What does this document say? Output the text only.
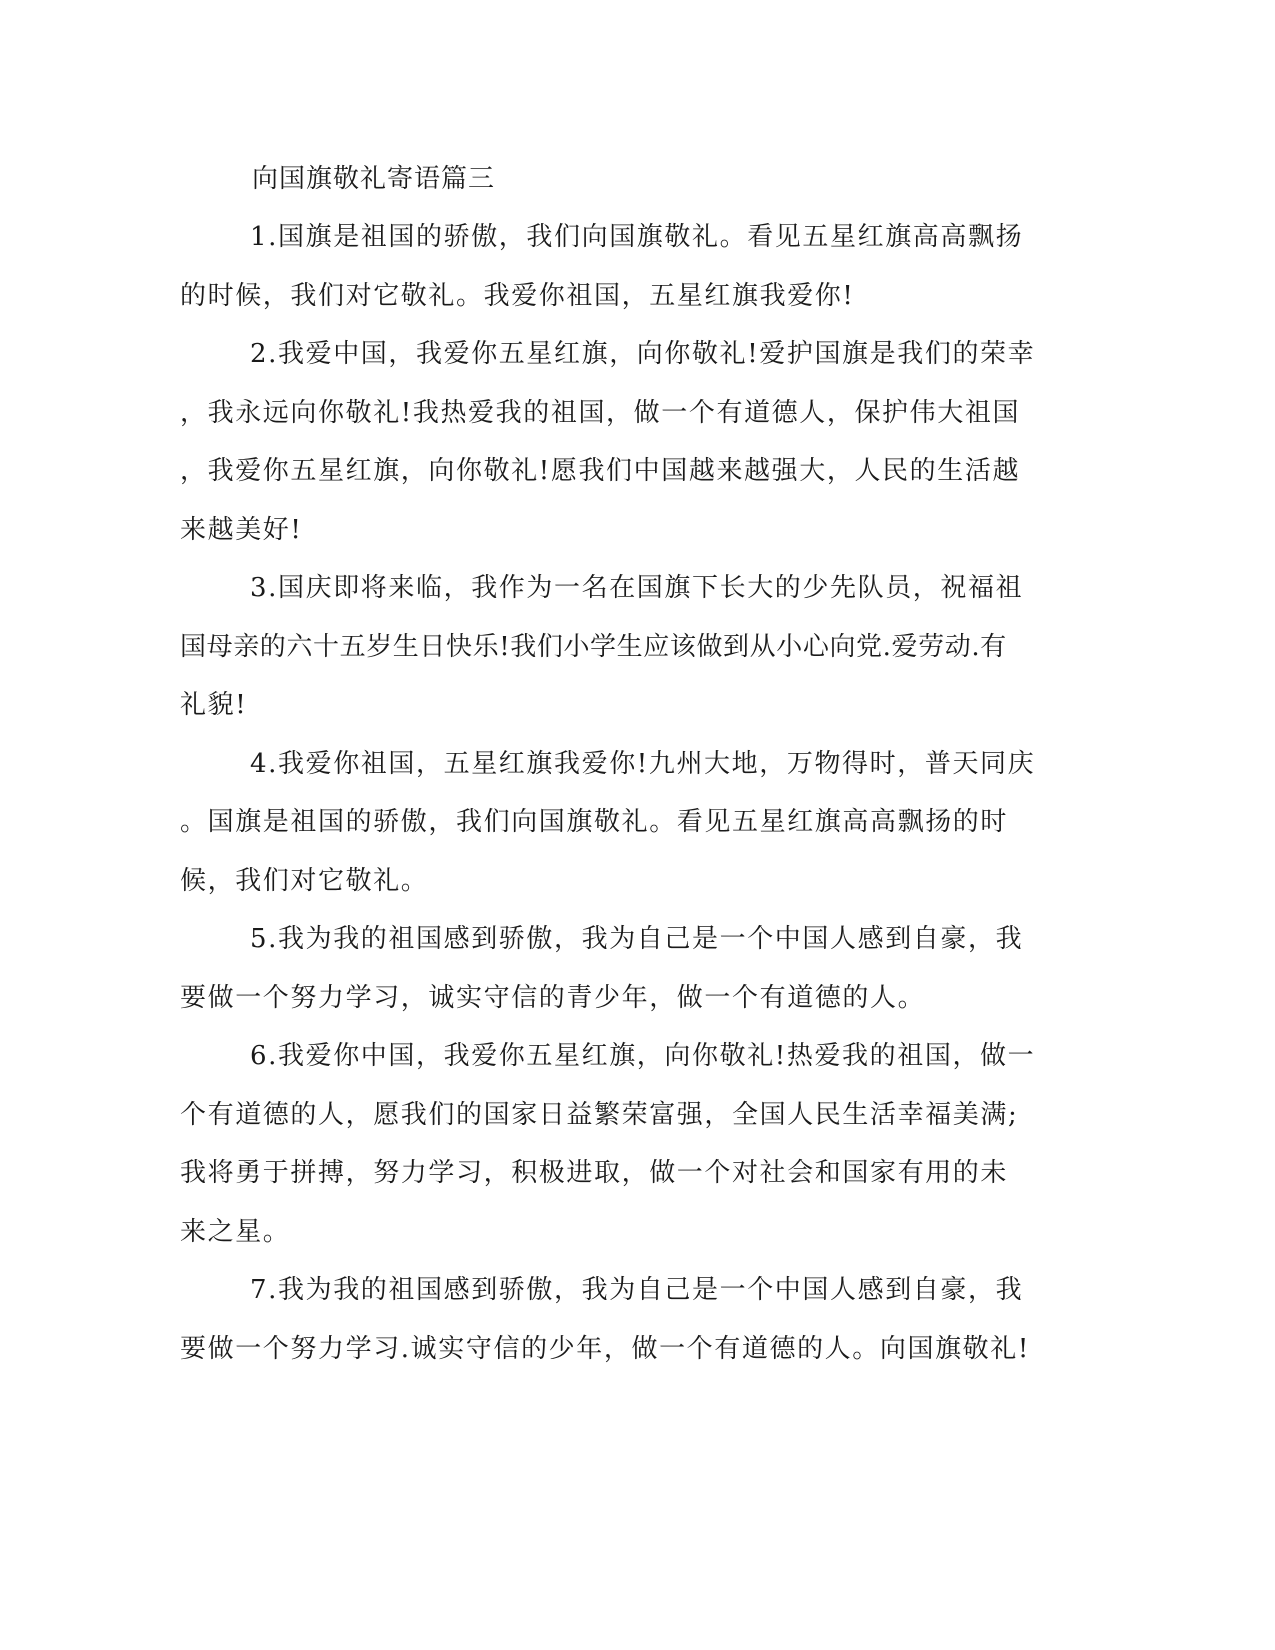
向国旗敬礼寄语篇三

1.国旗是祖国的骄傲，我们向国旗敬礼。看见五星红旗高高飘扬
的时候，我们对它敬礼。我爱你祖国，五星红旗我爱你!
2.我爱中国，我爱你五星红旗，向你敬礼!爱护国旗是我们的荣幸
，我永远向你敬礼!我热爱我的祖国，做一个有道德人，保护伟大祖国
，我爱你五星红旗，向你敬礼!愿我们中国越来越强大，人民的生活越
来越美好!
3.国庆即将来临，我作为一名在国旗下长大的少先队员，祝福祖
国母亲的六十五岁生日快乐!我们小学生应该做到从小心向党.爱劳动.有
礼貌!
4.我爱你祖国，五星红旗我爱你!九州大地，万物得时，普天同庆
。国旗是祖国的骄傲，我们向国旗敬礼。看见五星红旗高高飘扬的时
候，我们对它敬礼。
5.我为我的祖国感到骄傲，我为自己是一个中国人感到自豪，我
要做一个努力学习，诚实守信的青少年，做一个有道德的人。
6.我爱你中国，我爱你五星红旗，向你敬礼!热爱我的祖国，做一
个有道德的人，愿我们的国家日益繁荣富强，全国人民生活幸福美满;
我将勇于拼搏，努力学习，积极进取，做一个对社会和国家有用的未
来之星。
7.我为我的祖国感到骄傲，我为自己是一个中国人感到自豪，我
要做一个努力学习.诚实守信的少年，做一个有道德的人。向国旗敬礼!
